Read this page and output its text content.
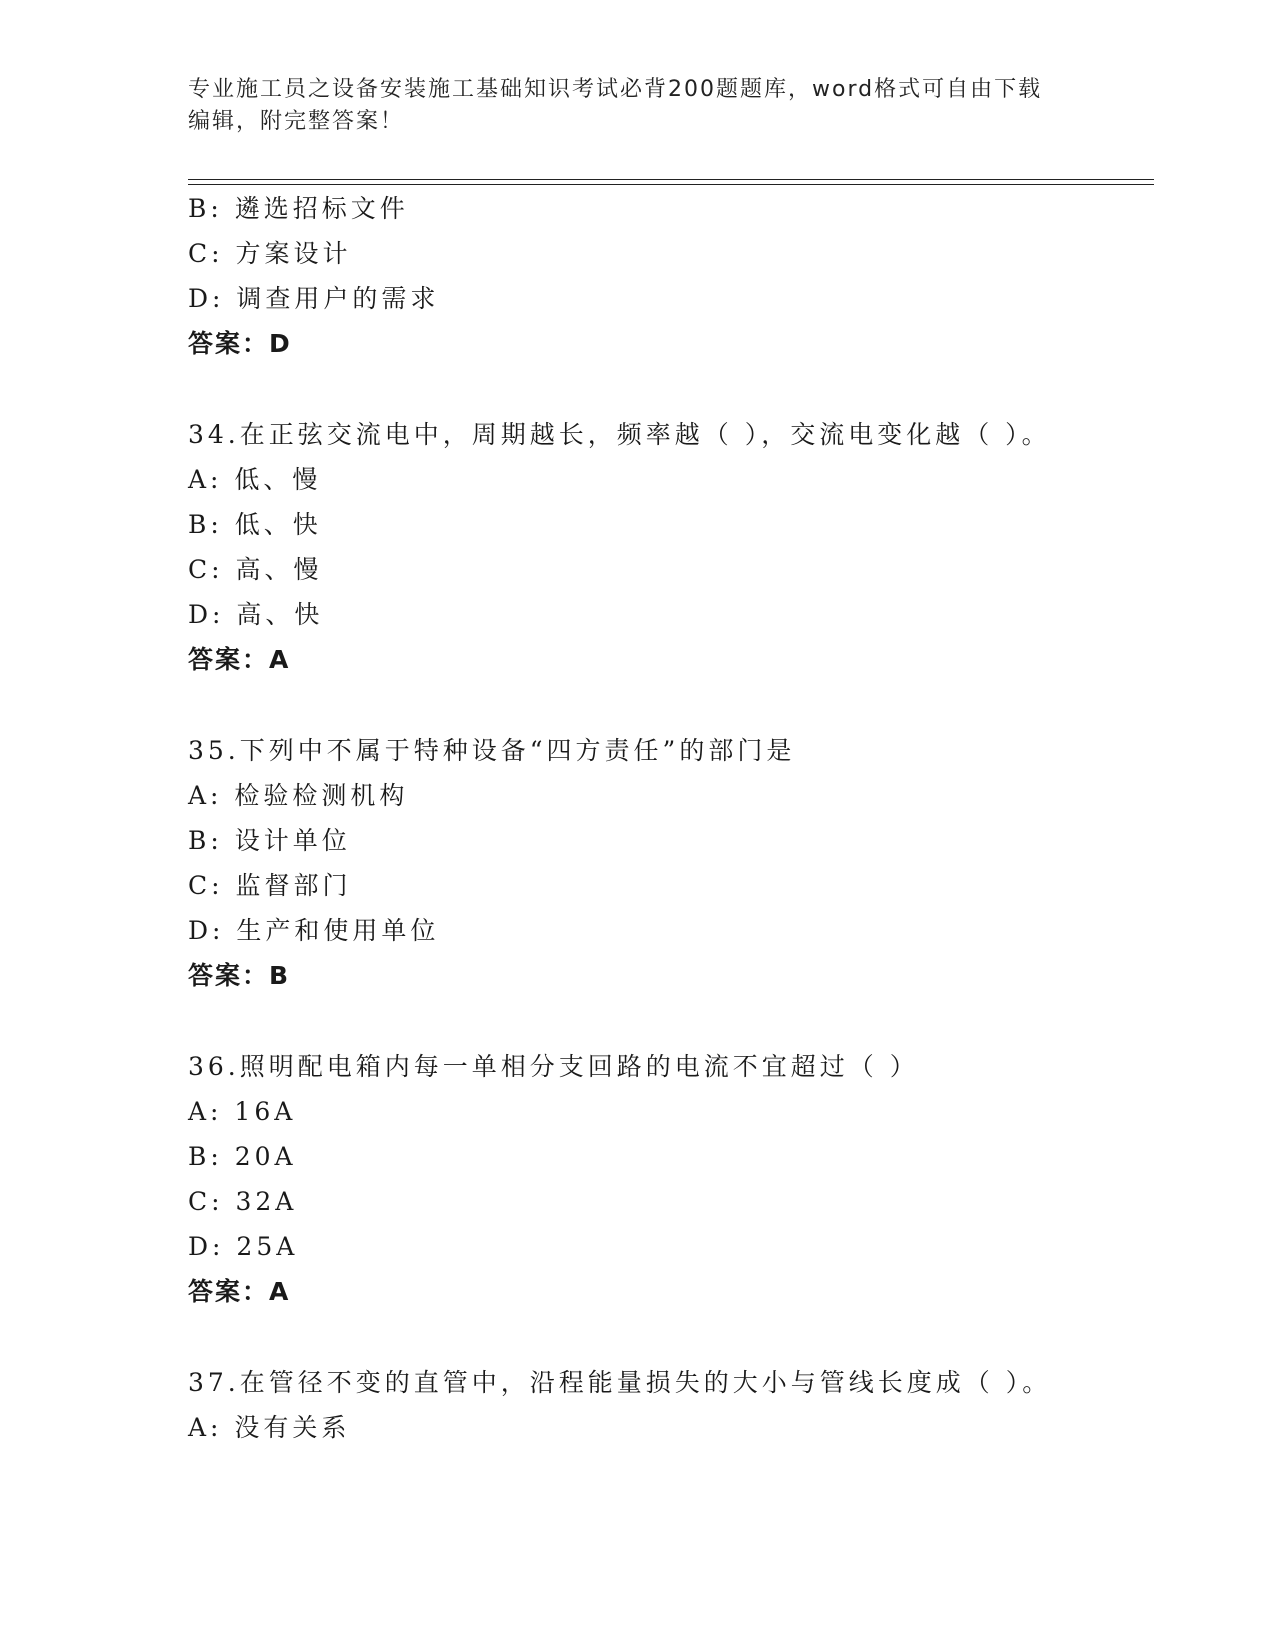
专业施工员之设备安装施工基础知识考试必背200题题库，word格式可自由下载
编辑，附完整答案！
B: 遴选招标文件
C: 方案设计
D: 调查用户的需求
答案：D
34.在正弦交流电中，周期越长，频率越（ ），交流电变化越（ ）。
A: 低、慢
B: 低、快
C: 高、慢
D: 高、快
答案：A
35.下列中不属于特种设备“四方责任”的部门是
A: 检验检测机构
B: 设计单位
C: 监督部门
D: 生产和使用单位
答案：B
36.照明配电箱内每一单相分支回路的电流不宜超过（ ）
A: 16A
B: 20A
C: 32A
D: 25A
答案：A
37.在管径不变的直管中，沿程能量损失的大小与管线长度成（ ）。
A: 没有关系
